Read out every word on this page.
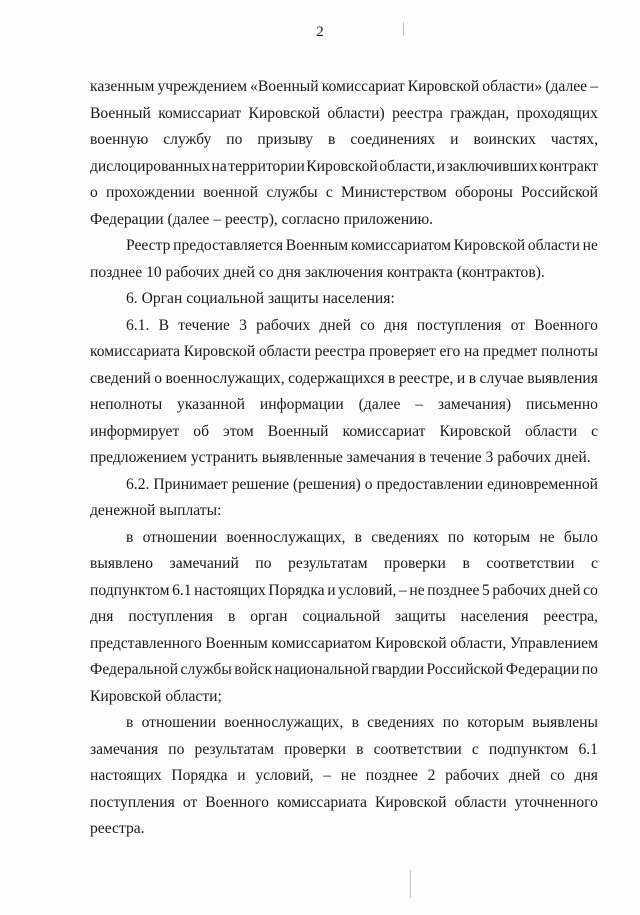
2
казенным учреждением «Военный комиссариат Кировской области» (далее –
Военный комиссариат Кировской области) реестра граждан, проходящих
военную службу по призыву в соединениях и воинских частях,
дислоцированных на территории Кировской области, и заключивших контракт
о прохождении военной службы с Министерством обороны Российской
Федерации (далее – реестр), согласно приложению.
Реестр предоставляется Военным комиссариатом Кировской области не
позднее 10 рабочих дней со дня заключения контракта (контрактов).
6. Орган социальной защиты населения:
6.1. В течение 3 рабочих дней со дня поступления от Военного
комиссариата Кировской области реестра проверяет его на предмет полноты
сведений о военнослужащих, содержащихся в реестре, и в случае выявления
неполноты указанной информации (далее – замечания) письменно
информирует об этом Военный комиссариат Кировской области с
предложением устранить выявленные замечания в течение 3 рабочих дней.
6.2. Принимает решение (решения) о предоставлении единовременной
денежной выплаты:
в отношении военнослужащих, в сведениях по которым не было
выявлено замечаний по результатам проверки в соответствии с
подпунктом 6.1 настоящих Порядка и условий, – не позднее 5 рабочих дней со
дня поступления в орган социальной защиты населения реестра,
представленного Военным комиссариатом Кировской области, Управлением
Федеральной службы войск национальной гвардии Российской Федерации по
Кировской области;
в отношении военнослужащих, в сведениях по которым выявлены
замечания по результатам проверки в соответствии с подпунктом 6.1
настоящих Порядка и условий, – не позднее 2 рабочих дней со дня
поступления от Военного комиссариата Кировской области уточненного
реестра.
